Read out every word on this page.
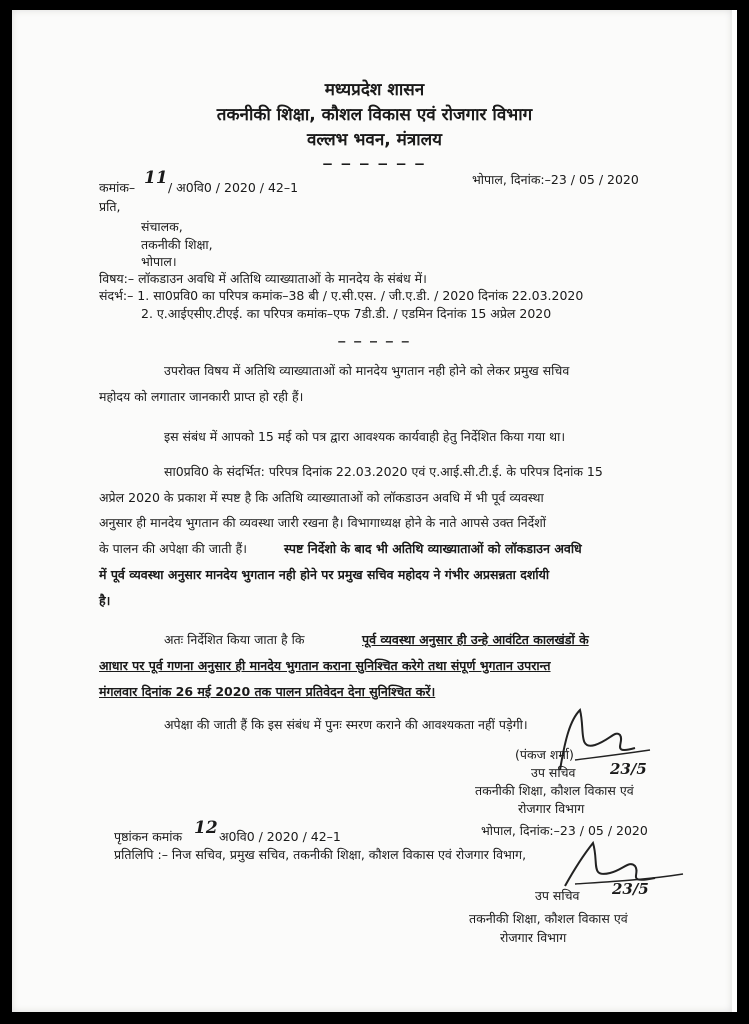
मध्यप्रदेश शासन
तकनीकी शिक्षा, कौशल विकास एवं रोजगार विभाग
वल्लभ भवन, मंत्रालय
_ _ _ _ _ _
कमांक– 11 / अ0वि0 / 2020 / 42–1
भोपाल, दिनांक:–23 / 05 / 2020
प्रति,
संचालक,
तकनीकी शिक्षा,
भोपाल।
विषय:– लॉकडाउन अवधि में अतिथि व्याख्याताओं के मानदेय के संबंध में।
संदर्भ:– 1. सा0प्रवि0 का परिपत्र कमांक–38 बी / ए.सी.एस. / जी.ए.डी. / 2020 दिनांक 22.03.2020
2. ए.आईएसीए.टीएई. का परिपत्र कमांक–एफ 7डी.डी. / एडमिन दिनांक 15 अप्रेल 2020
_ _ _ _ _
उपरोक्त विषय में अतिथि व्याख्याताओं को मानदेय भुगतान नही होने को लेकर प्रमुख सचिव
महोदय को लगातार जानकारी प्राप्त हो रही हैं।
इस संबंध में आपको 15 मई को पत्र द्वारा आवश्यक कार्यवाही हेतु निर्देशित किया गया था।
सा0प्रवि0 के संदर्भित: परिपत्र दिनांक 22.03.2020 एवं ए.आई.सी.टी.ई. के परिपत्र दिनांक 15
अप्रेल 2020 के प्रकाश में स्पष्ट है कि अतिथि व्याख्याताओं को लॉकडाउन अवधि में भी पूर्व व्यवस्था
अनुसार ही मानदेय भुगतान की व्यवस्था जारी रखना है। विभागाध्यक्ष होने के नाते आपसे उक्त निर्देशों
के पालन की अपेक्षा की जाती हैं।	स्पष्ट निर्देशो के बाद भी अतिथि व्याख्याताओं को लॉकडाउन अवधि
में पूर्व व्यवस्था अनुसार मानदेय भुगतान नही होने पर प्रमुख सचिव महोदय ने गंभीर अप्रसन्नता दर्शायी
है।
अतः निर्देशित किया जाता है कि	पूर्व व्यवस्था अनुसार ही उन्हे आवंटित कालखंडों के
आधार पर पूर्व गणना अनुसार ही मानदेय भुगतान कराना सुनिश्चित करेगे तथा संपूर्ण भुगतान उपरान्त
मंगलवार दिनांक 26 मई 2020 तक पालन प्रतिवेदन देना सुनिश्चित करें।
अपेक्षा की जाती हैं कि इस संबंध में पुनः स्मरण कराने की आवश्यकता नहीं पड़ेगी।
(पंकज शर्मा)
उप सचिव 23/5
तकनीकी शिक्षा, कौशल विकास एवं
रोजगार विभाग
भोपाल, दिनांक:–23 / 05 / 2020
पृष्ठांकन कमांक 12 अ0वि0 / 2020 / 42–1
प्रतिलिपि :– निज सचिव, प्रमुख सचिव, तकनीकी शिक्षा, कौशल विकास एवं रोजगार विभाग,
उप सचिव 23/5
तकनीकी शिक्षा, कौशल विकास एवं
रोजगार विभाग
